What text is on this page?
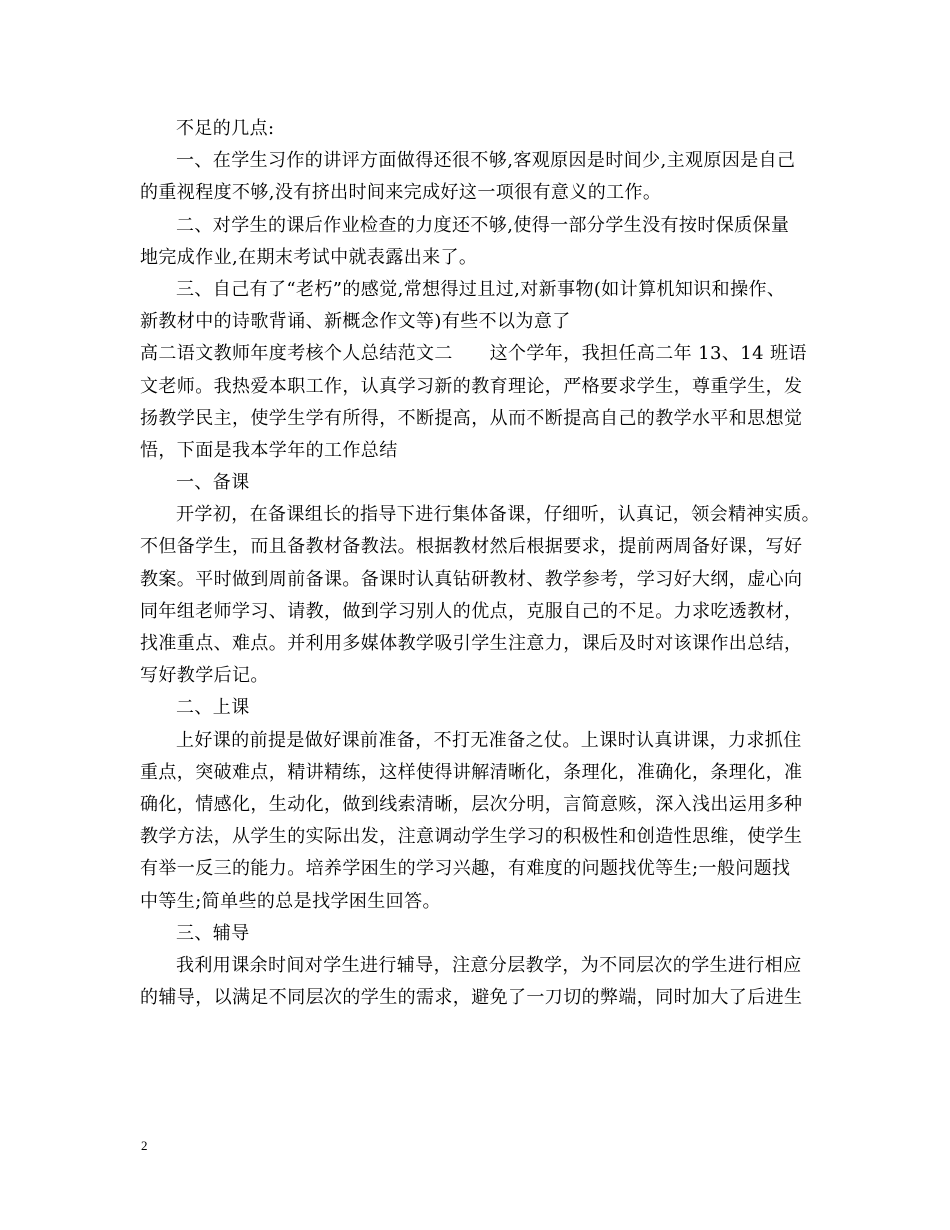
不足的几点:
一、在学生习作的讲评方面做得还很不够,客观原因是时间少,主观原因是自己
的重视程度不够,没有挤出时间来完成好这一项很有意义的工作。
二、对学生的课后作业检查的力度还不够,使得一部分学生没有按时保质保量
地完成作业,在期末考试中就表露出来了。
三、自己有了“老朽”的感觉,常想得过且过,对新事物(如计算机知识和操作、
新教材中的诗歌背诵、新概念作文等)有些不以为意了
高二语文教师年度考核个人总结范文二　　这个学年，我担任高二年 13、14 班语
文老师。我热爱本职工作，认真学习新的教育理论，严格要求学生，尊重学生，发
扬教学民主，使学生学有所得，不断提高，从而不断提高自己的教学水平和思想觉
悟，下面是我本学年的工作总结
一、备课
开学初，在备课组长的指导下进行集体备课，仔细听，认真记，领会精神实质。
不但备学生，而且备教材备教法。根据教材然后根据要求，提前两周备好课，写好
教案。平时做到周前备课。备课时认真钻研教材、教学参考，学习好大纲，虚心向
同年组老师学习、请教，做到学习别人的优点，克服自己的不足。力求吃透教材，
找准重点、难点。并利用多媒体教学吸引学生注意力，课后及时对该课作出总结，
写好教学后记。
二、上课
上好课的前提是做好课前准备，不打无准备之仗。上课时认真讲课，力求抓住
重点，突破难点，精讲精练，这样使得讲解清晰化，条理化，准确化，条理化，准
确化，情感化，生动化，做到线索清晰，层次分明，言简意赅，深入浅出运用多种
教学方法，从学生的实际出发，注意调动学生学习的积极性和创造性思维，使学生
有举一反三的能力。培养学困生的学习兴趣，有难度的问题找优等生;一般问题找
中等生;简单些的总是找学困生回答。
三、辅导
我利用课余时间对学生进行辅导，注意分层教学，为不同层次的学生进行相应
的辅导，以满足不同层次的学生的需求，避免了一刀切的弊端，同时加大了后进生
2
